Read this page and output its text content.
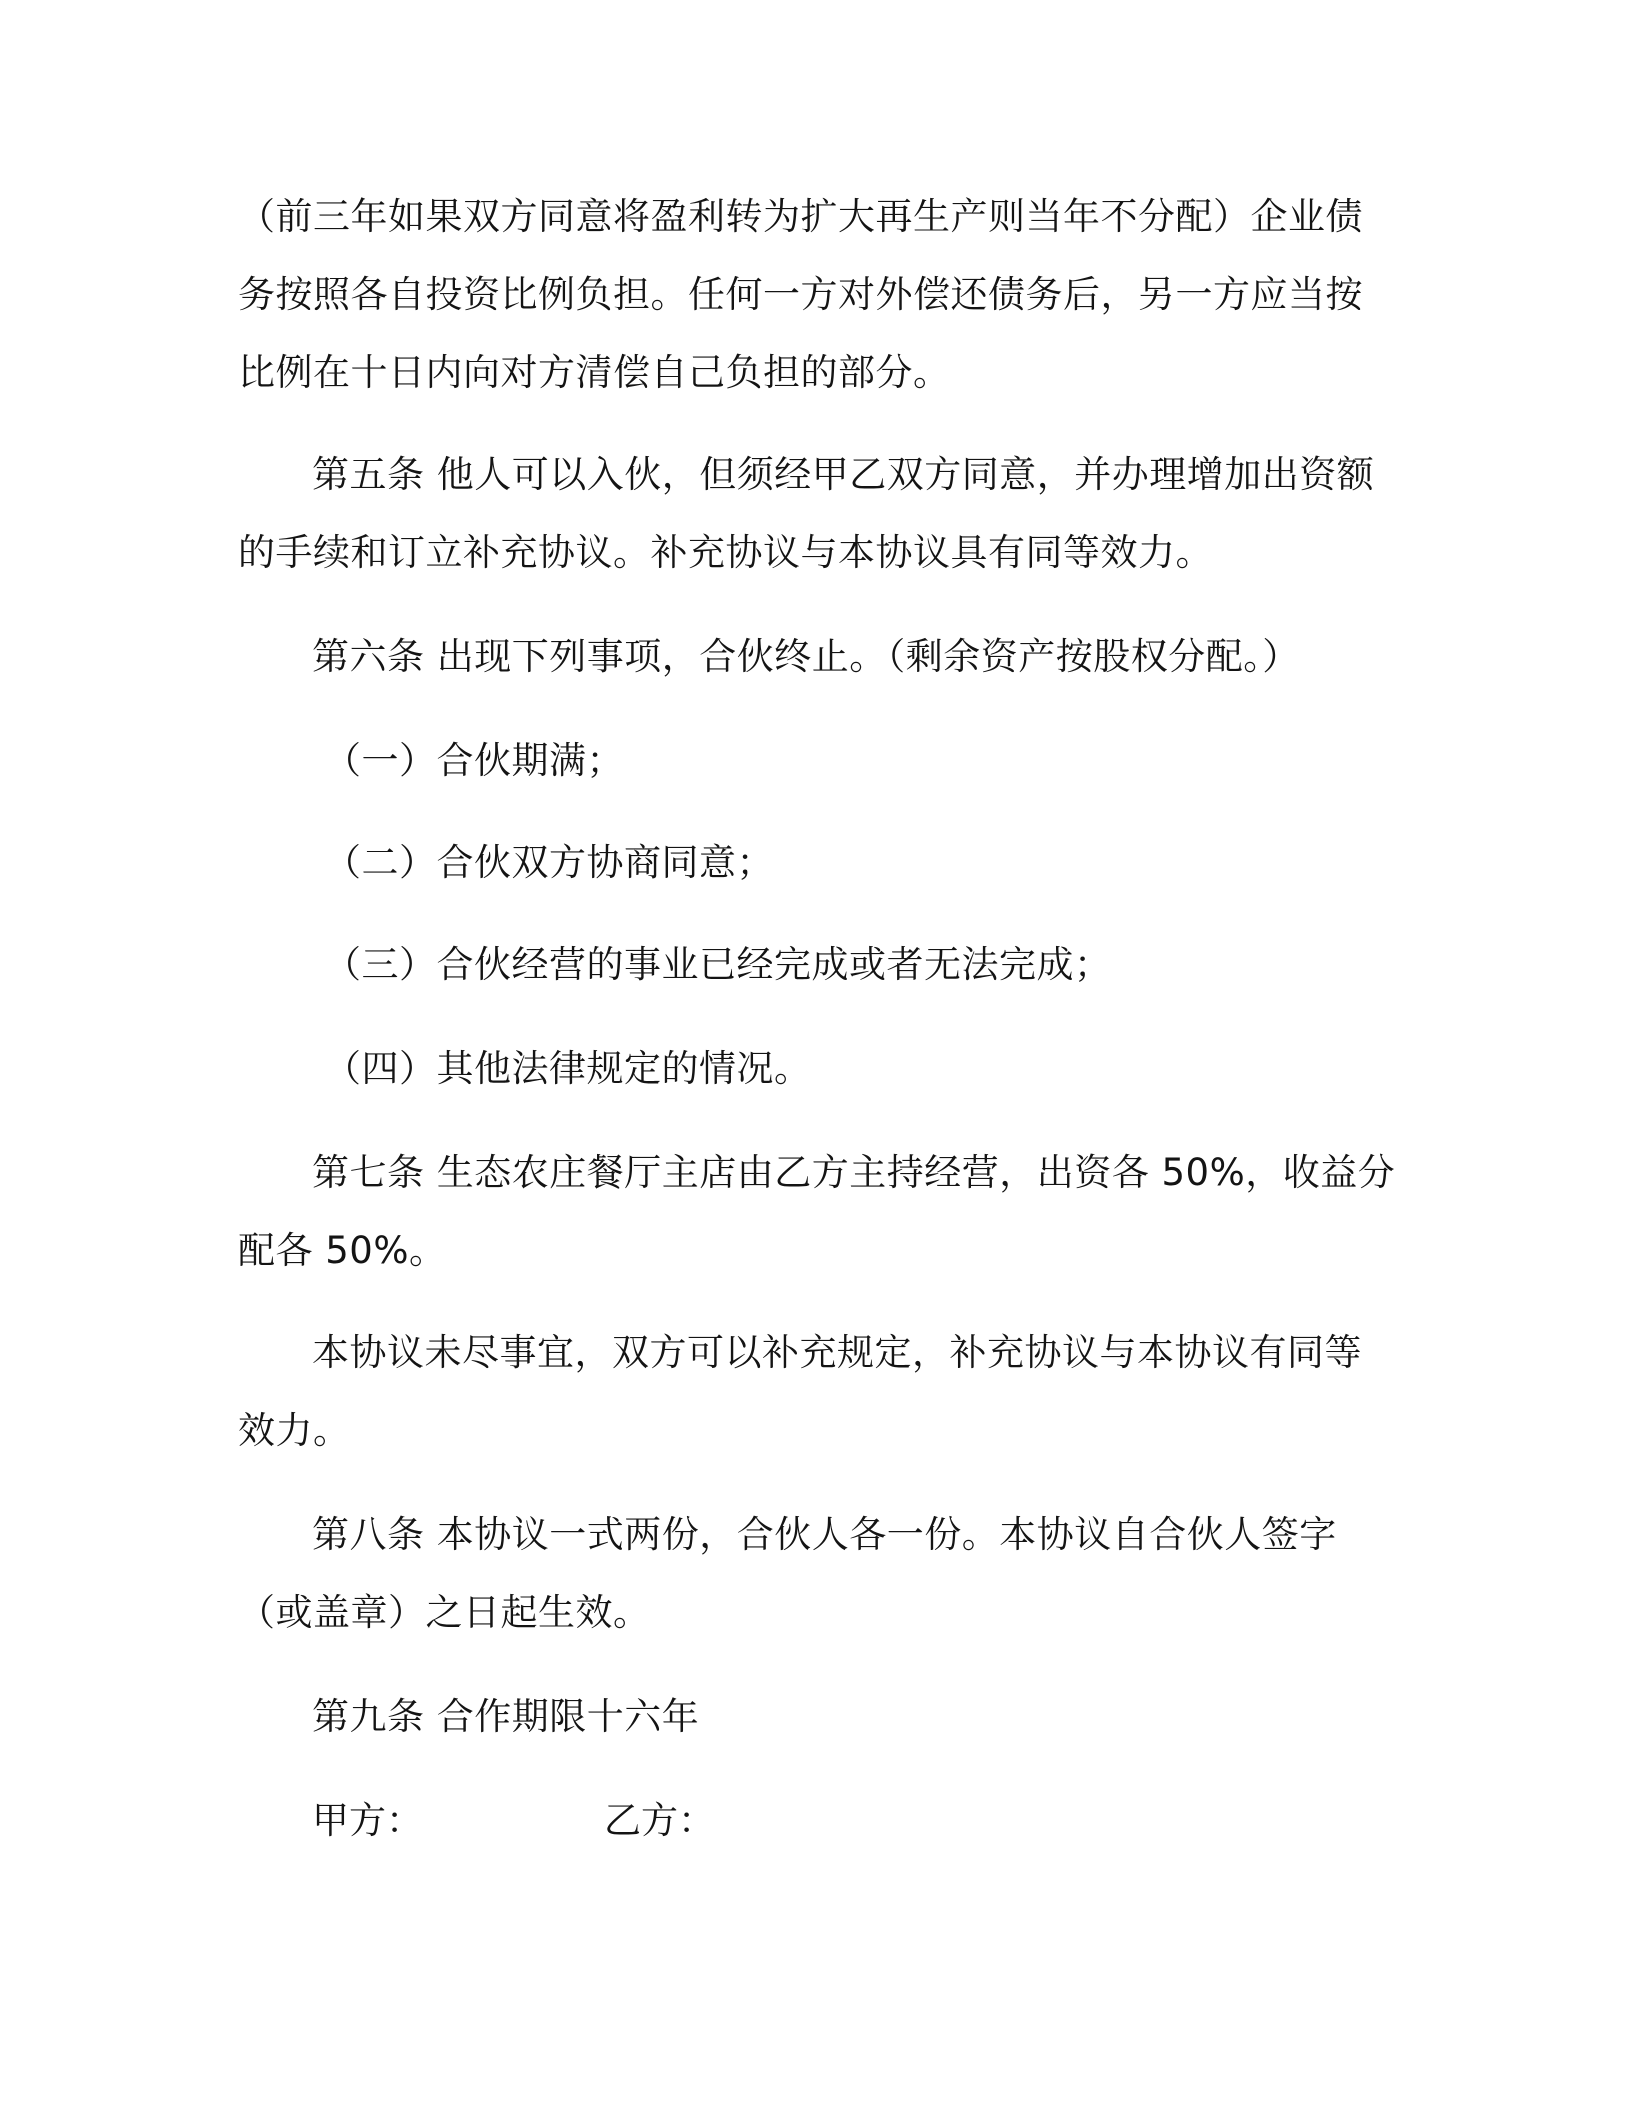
（前三年如果双方同意将盈利转为扩大再生产则当年不分配）企业债
务按照各自投资比例负担。任何一方对外偿还债务后，另一方应当按
比例在十日内向对方清偿自己负担的部分。
第五条 他人可以入伙，但须经甲乙双方同意，并办理增加出资额
的手续和订立补充协议。补充协议与本协议具有同等效力。
第六条 出现下列事项，合伙终止。（剩余资产按股权分配。）
（一）合伙期满；
（二）合伙双方协商同意；
（三）合伙经营的事业已经完成或者无法完成；
（四）其他法律规定的情况。
第七条 生态农庄餐厅主店由乙方主持经营，出资各 50%，收益分
配各 50%。
本协议未尽事宜，双方可以补充规定，补充协议与本协议有同等
效力。
第八条 本协议一式两份，合伙人各一份。本协议自合伙人签字
（或盖章）之日起生效。
第九条 合作期限十六年
甲方：	乙方：
